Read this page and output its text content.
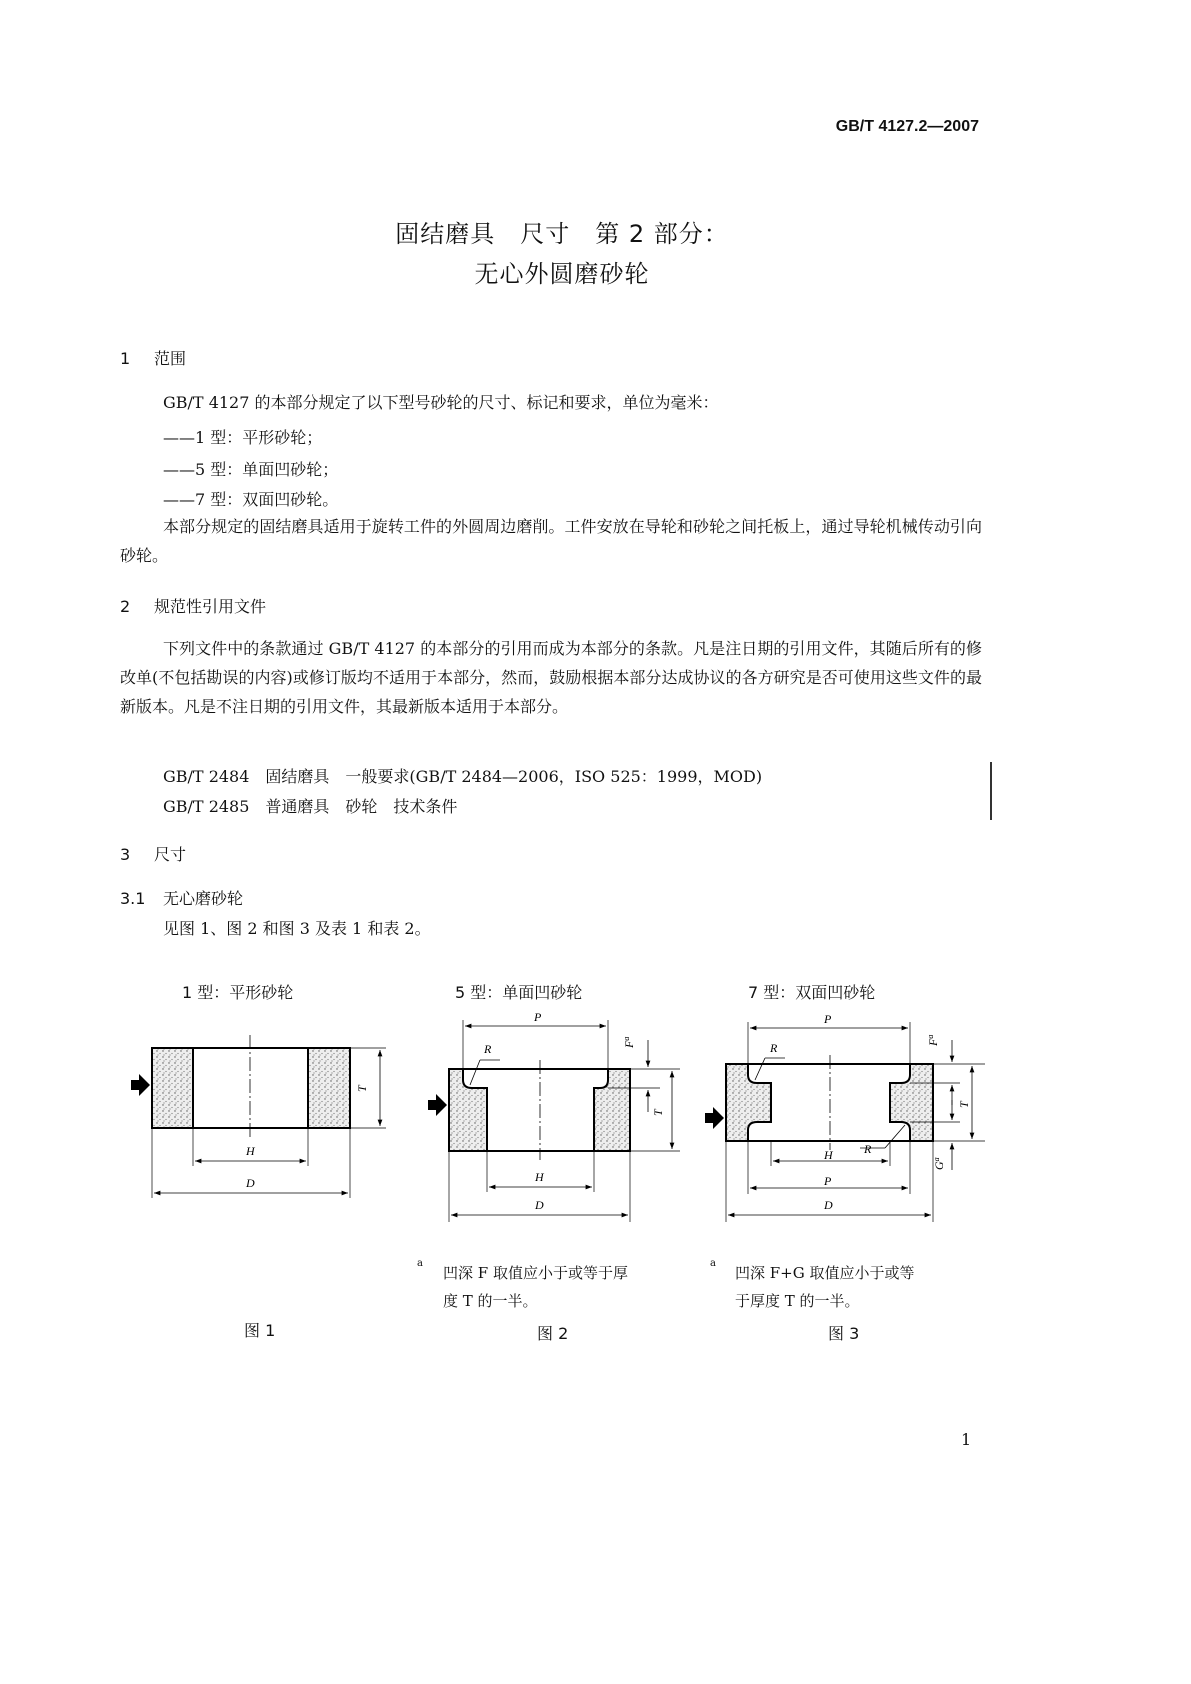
GB/T 4127.2—2007
固结磨具　尺寸　第 2 部分：
无心外圆磨砂轮
1 范围
GB/T 4127 的本部分规定了以下型号砂轮的尺寸、标记和要求，单位为毫米：
——1 型：平形砂轮；
——5 型：单面凹砂轮；
——7 型：双面凹砂轮。
本部分规定的固结磨具适用于旋转工件的外圆周边磨削。工件安放在导轮和砂轮之间托板上，通过导轮机械传动引向砂轮。
2 规范性引用文件
下列文件中的条款通过 GB/T 4127 的本部分的引用而成为本部分的条款。凡是注日期的引用文件，其随后所有的修改单(不包括勘误的内容)或修订版均不适用于本部分，然而，鼓励根据本部分达成协议的各方研究是否可使用这些文件的最新版本。凡是不注日期的引用文件，其最新版本适用于本部分。
GB/T 2484　固结磨具　一般要求(GB/T 2484—2006，ISO 525：1999，MOD)
GB/T 2485　普通磨具　砂轮　技术条件
3 尺寸
3.1 无心磨砂轮
见图 1、图 2 和图 3 及表 1 和表 2。
1 型：平形砂轮	5 型：单面凹砂轮	7 型：双面凹砂轮
T
H
D
P
R	$F^a$
T
H
D
P
R
R
$F^a$
$G^a$
T
H
P
D
a
凹深 F 取值应小于或等于厚度 T 的一半。
a
凹深 F+G 取值应小于或等于厚度 T 的一半。
图 1	图 2	图 3
1
